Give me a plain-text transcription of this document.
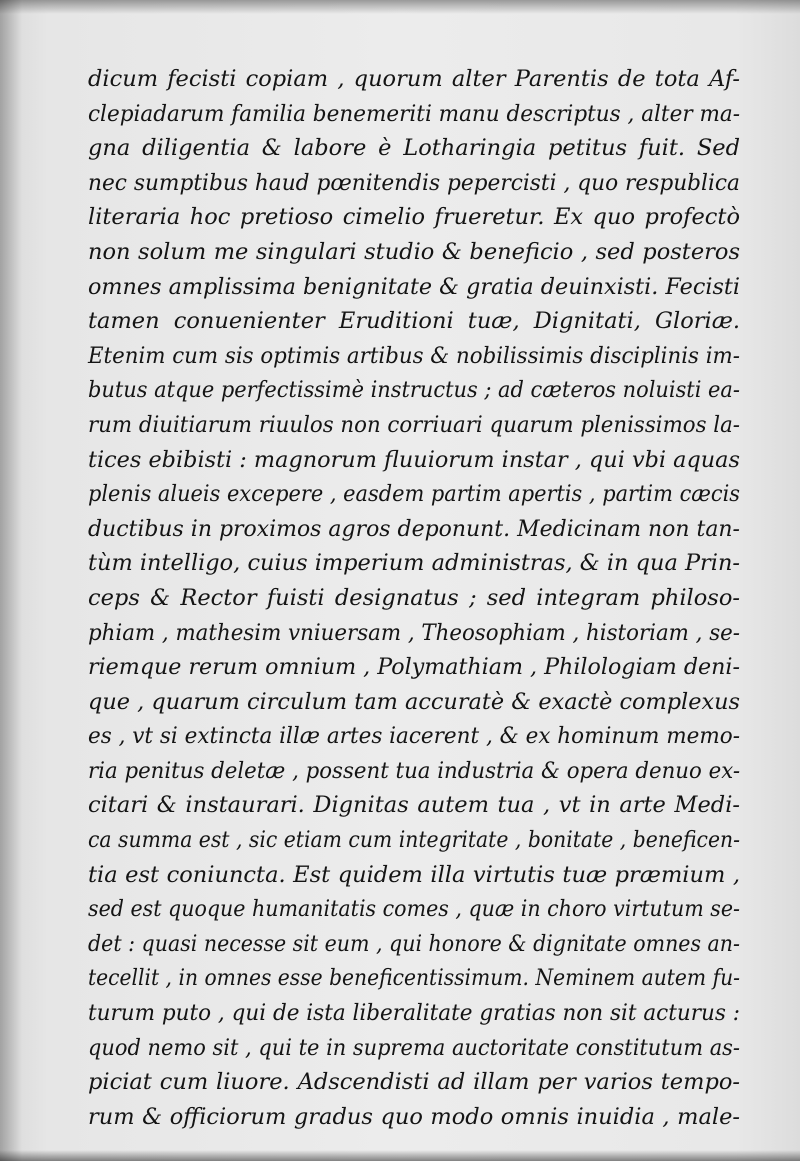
dicum fecisti copiam , quorum alter Parentis de tota Af-
clepiadarum familia benemeriti manu descriptus , alter ma-
gna diligentia & labore è Lotharingia petitus fuit. Sed
nec sumptibus haud pœnitendis pepercisti , quo respublica
literaria hoc pretioso cimelio frueretur. Ex quo profectò
non solum me singulari studio & beneficio , sed posteros
omnes amplissima benignitate & gratia deuinxisti. Fecisti
tamen conuenienter Eruditioni tuæ, Dignitati, Gloriæ.
Etenim cum sis optimis artibus & nobilissimis disciplinis im-
butus atque perfectissimè instructus ; ad cæteros noluisti ea-
rum diuitiarum riuulos non corriuari quarum plenissimos la-
tices ebibisti : magnorum fluuiorum instar , qui vbi aquas
plenis alueis excepere , easdem partim apertis , partim cæcis
ductibus in proximos agros deponunt. Medicinam non tan-
tùm intelligo, cuius imperium administras, & in qua Prin-
ceps & Rector fuisti designatus ; sed integram philoso-
phiam , mathesim vniuersam , Theosophiam , historiam , se-
riemque rerum omnium , Polymathiam , Philologiam deni-
que , quarum circulum tam accuratè & exactè complexus
es , vt si extincta illæ artes iacerent , & ex hominum memo-
ria penitus deletæ , possent tua industria & opera denuo ex-
citari & instaurari. Dignitas autem tua , vt in arte Medi-
ca summa est , sic etiam cum integritate , bonitate , beneficen-
tia est coniuncta. Est quidem illa virtutis tuæ præmium ,
sed est quoque humanitatis comes , quæ in choro virtutum se-
det : quasi necesse sit eum , qui honore & dignitate omnes an-
tecellit , in omnes esse beneficentissimum. Neminem autem fu-
turum puto , qui de ista liberalitate gratias non sit acturus :
quod nemo sit , qui te in suprema auctoritate constitutum as-
piciat cum liuore. Adscendisti ad illam per varios tempo-
rum & officiorum gradus quo modo omnis inuidia , male-
